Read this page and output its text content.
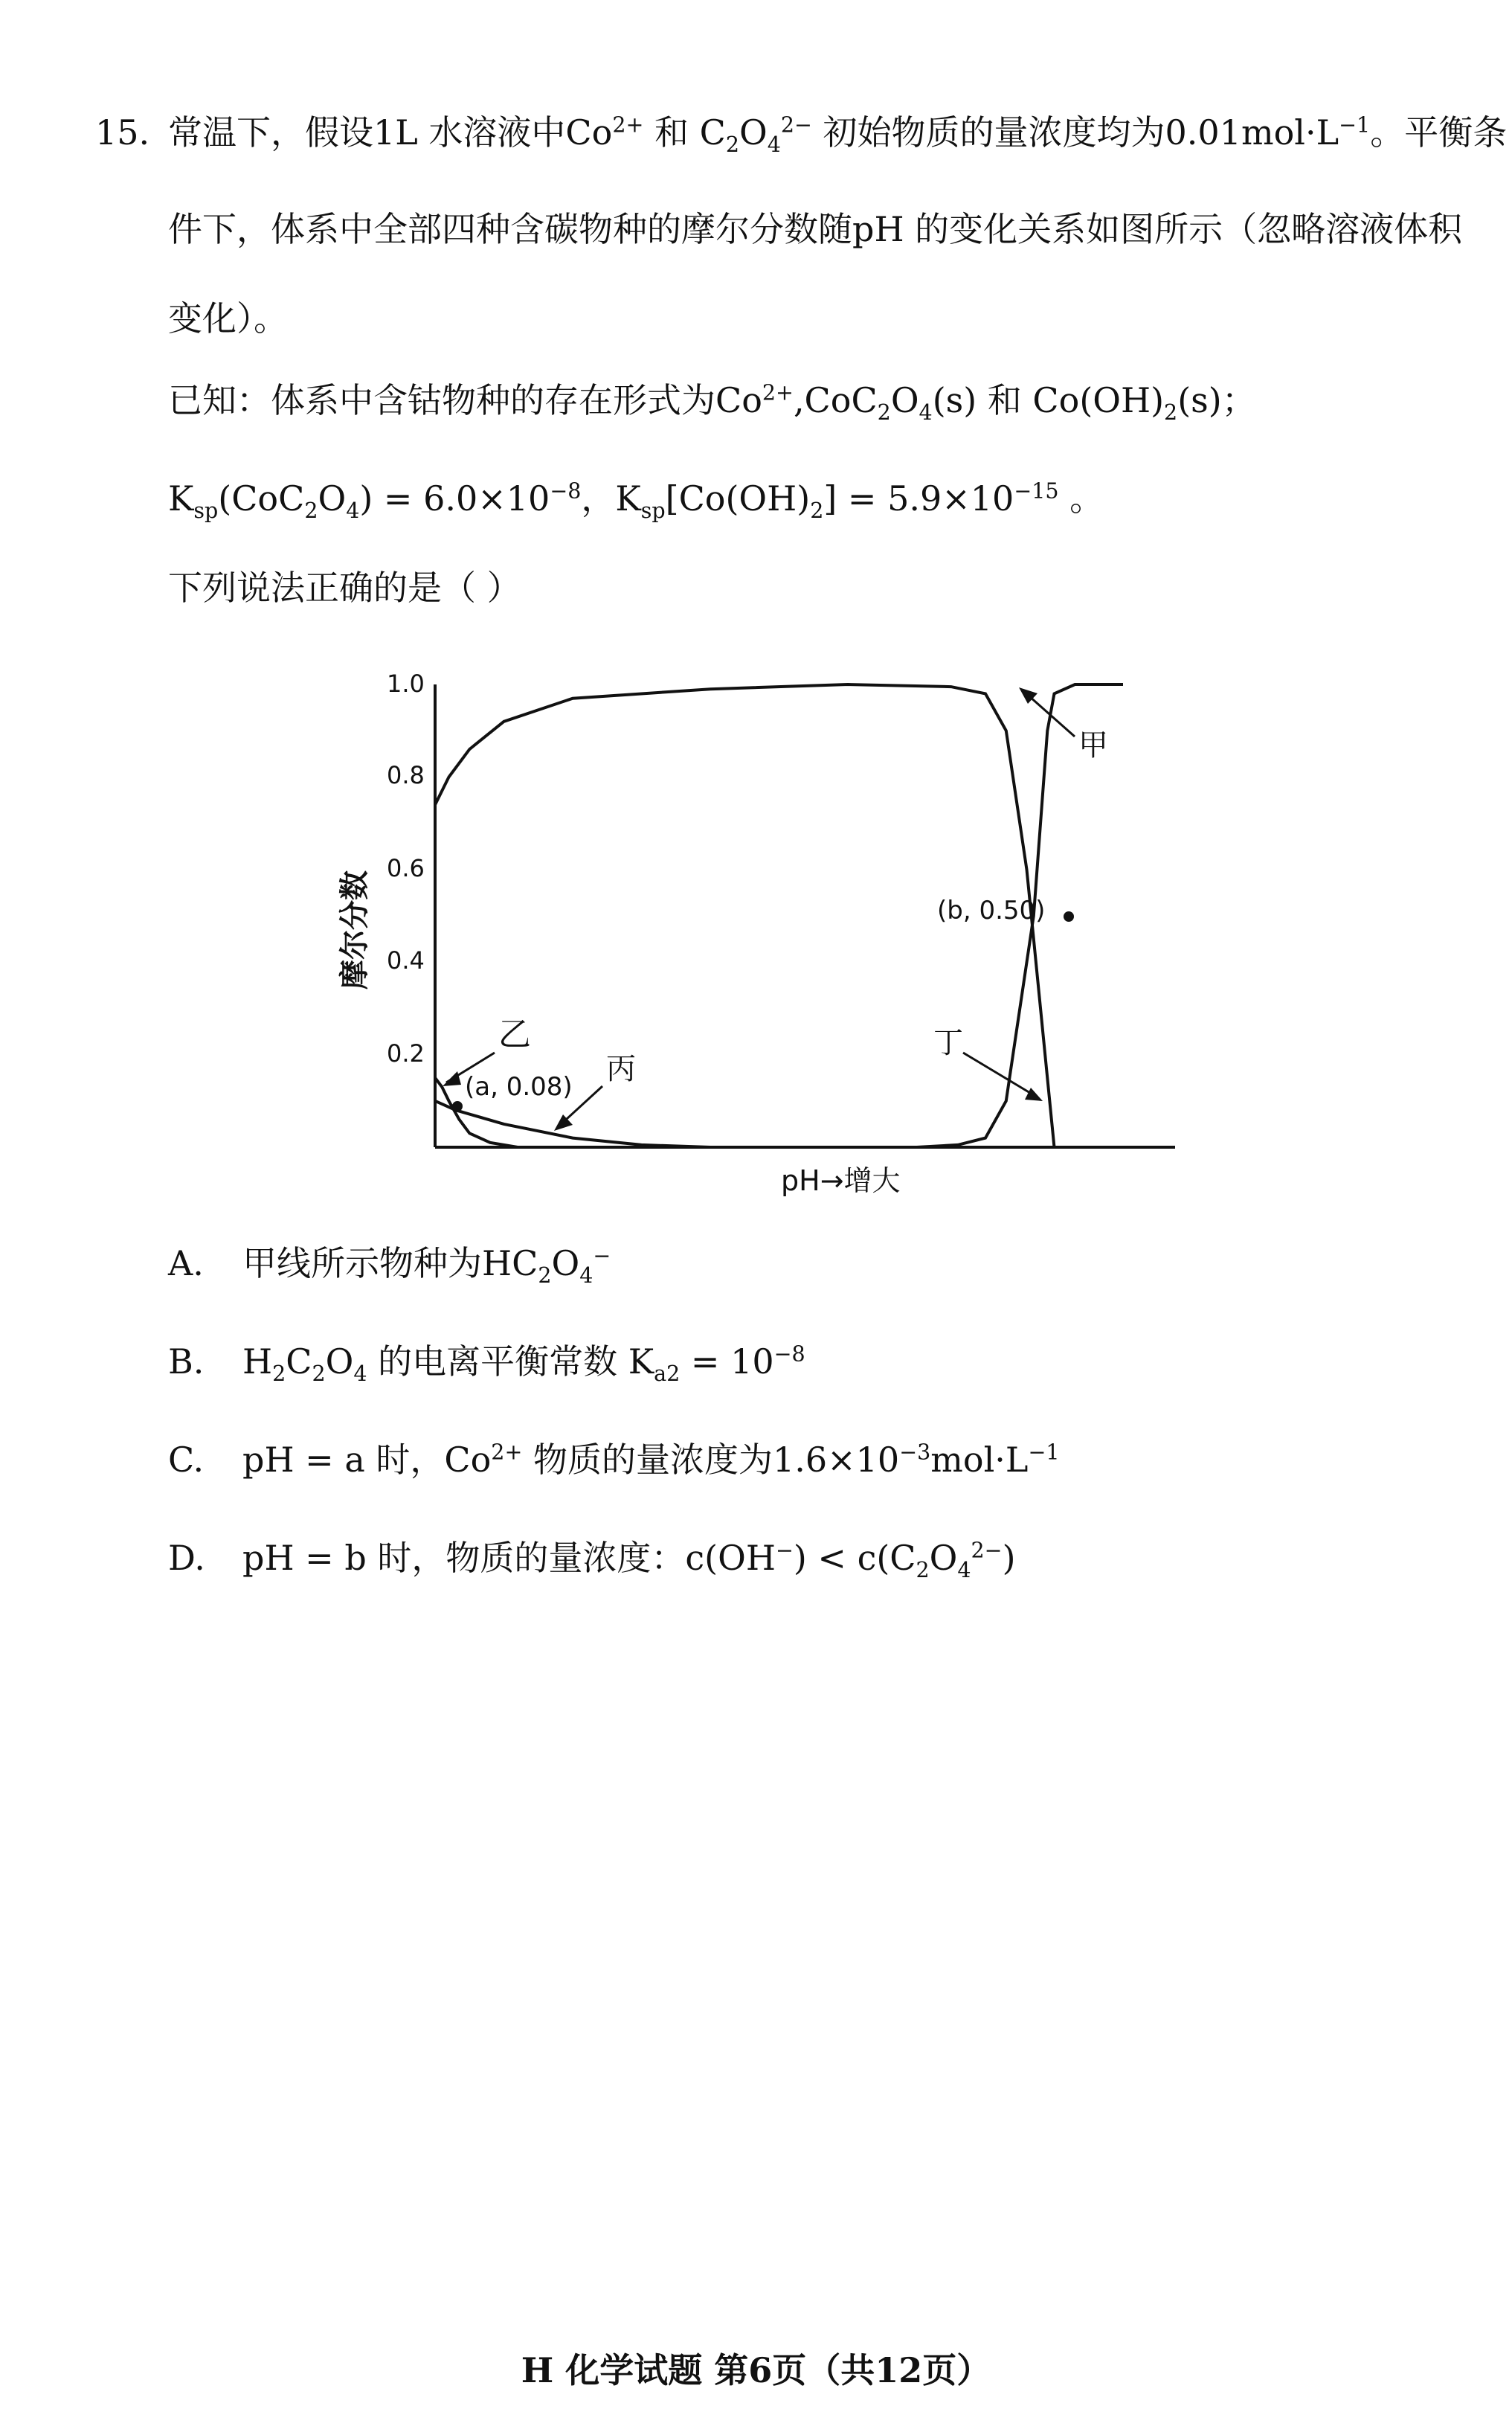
15. 常温下，假设1L 水溶液中$Co^{2+}$ 和 $C_2O_4^{2-}$ 初始物质的量浓度均为$0.01mol\cdot L^{-1}$。平衡条
件下，体系中全部四种含碳物种的摩尔分数随pH 的变化关系如图所示（忽略溶液体积
变化）。
已知：体系中含钴物种的存在形式为$Co^{2+},CoC_2O_4(s)$ 和 $Co(OH)_2(s)$；
$K_{sp}(CoC_2O_4) = 6.0\times 10^{-8}$，$K_{sp}[Co(OH)_2] = 5.9\times 10^{-15}$ 。
下列说法正确的是（ ）
1.0
0.8
0.6
0.4
0.2
摩尔分数
pH→增大
甲
乙
丙
丁
(a, 0.08)
(b, 0.50)
A. 甲线所示物种为$HC_2O_4^-$
B. $H_2C_2O_4$ 的电离平衡常数 $K_{a2} = 10^{-8}$
C. pH = a 时，$Co^{2+}$ 物质的量浓度为$1.6\times 10^{-3}mol\cdot L^{-1}$
D. pH = b 时，物质的量浓度：$c(OH^-) < c(C_2O_4^{2-})$
H 化学试题 第6页（共12页）
